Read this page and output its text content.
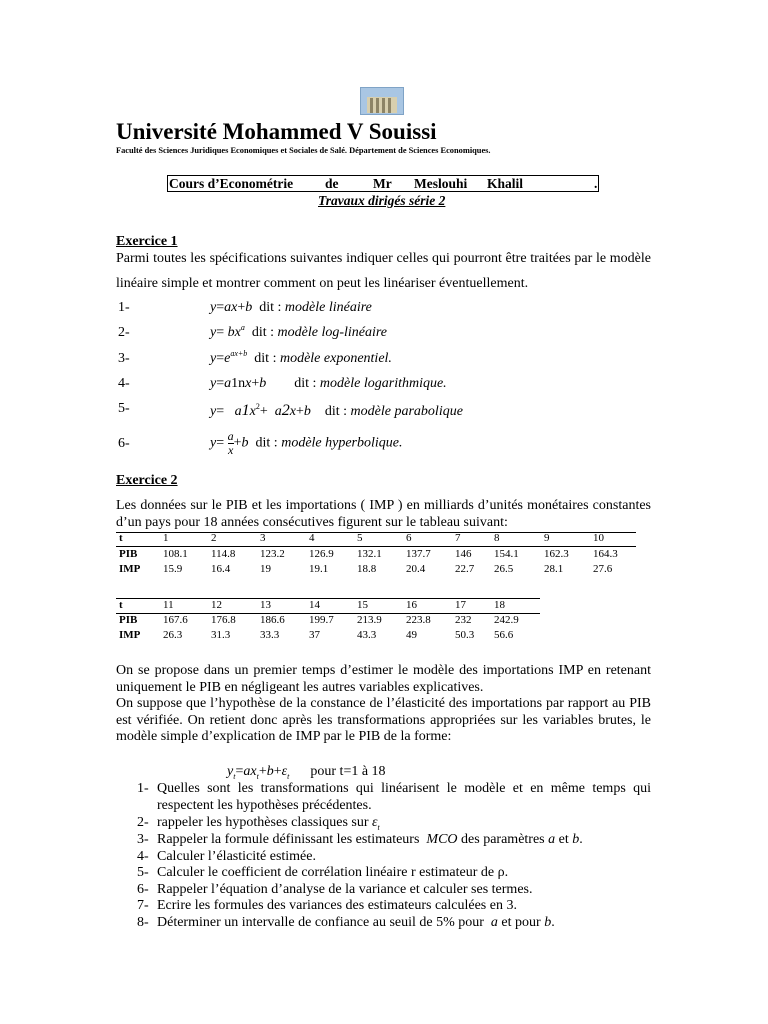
Université Mohammed V Souissi
Faculté des Sciences Juridiques Economiques et Sociales de Salé. Département de Sciences Economiques.
Cours d’Econométrie de	Mr Meslouhi Khalil	.
Travaux dirigés série 2
Exercice 1
Parmi toutes les spécifications suivantes indiquer celles qui pourront être traitées par le modèle linéaire simple et montrer comment on peut les linéariser éventuellement.
1-	y=ax+b dit : modèle linéaire
2-	$y= bx^a$ dit : modèle log-linéaire
3-	$y=e^{ax+b}$ dit : modèle exponentiel.
4-	y=a1nx+b dit : modèle logarithmique.
5-	$y= a1x^2+ a2x+b$ dit : modèle parabolique
6-	$y= \frac{a}{x} +b$ dit : modèle hyperbolique.
Exercice 2
Les données sur le PIB et les importations ( IMP ) en milliards d’unités monétaires constantes d’un pays pour 18 années consécutives figurent sur le tableau suivant:
t	1	2	3	4	5	6	7	8	9	10
PIB 108.1 114.8 123.2 126.9 132.1 137.7 146 154.1 162.3 164.3
IMP 15.9	16.4	19	19.1	18.8	20.4	22.7 26.5	28.1	27.6
t	11	12	13	14	15	16	17	18
PIB 167.6 176.8 186.6 199.7 213.9 223.8 232 242.9
IMP 26.3	31.3	33.3	37	43.3	49	50.3 56.6
On se propose dans un premier temps d’estimer le modèle des importations IMP en retenant uniquement le PIB en négligeant les autres variables explicatives.
On suppose que l’hypothèse de la constance de l’élasticité des importations par rapport au PIB est vérifiée. On retient donc après les transformations appropriées sur les variables brutes, le modèle simple d’explication de IMP par le PIB de la forme:
$y_t=ax_t+b+\varepsilon_t$ pour t=1 à 18
1- Quelles sont les transformations qui linéarisent le modèle et en même temps qui respectent les hypothèses précédentes.
2- rappeler les hypothèses classiques sur $\varepsilon_t$
3- Rappeler la formule définissant les estimateurs MCO des paramètres a et b.
4- Calculer l’élasticité estimée.
5- Calculer le coefficient de corrélation linéaire r estimateur de ρ.
6- Rappeler l’équation d’analyse de la variance et calculer ses termes.
7- Ecrire les formules des variances des estimateurs calculées en 3.
8- Déterminer un intervalle de confiance au seuil de 5% pour a et pour b.
